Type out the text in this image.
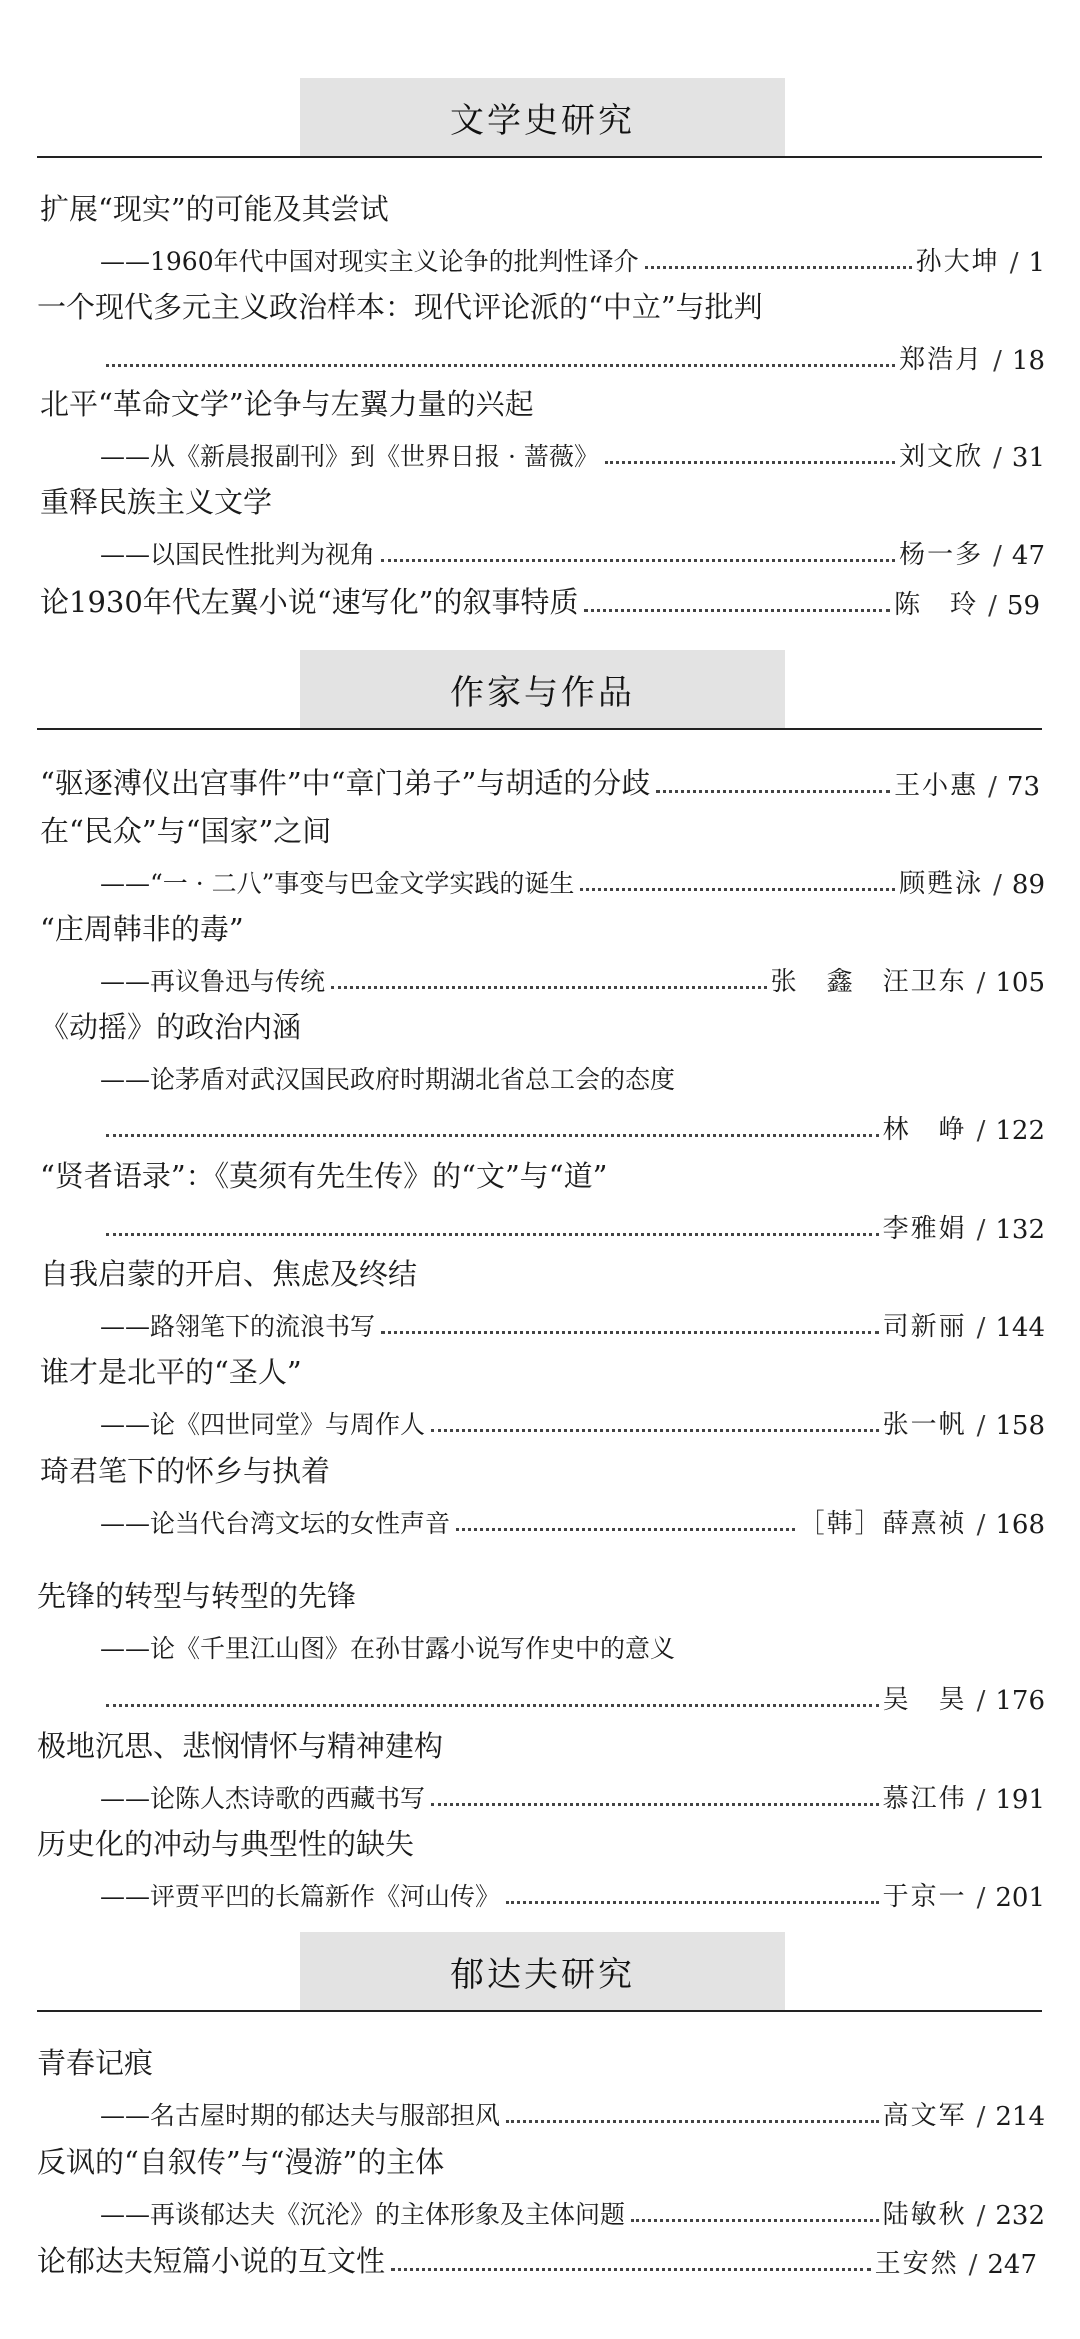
文学史研究
扩展“现实”的可能及其尝试
——1960年代中国对现实主义论争的批判性译介	孙大坤 / 1
一个现代多元主义政治样本：现代评论派的“中立”与批判
郑浩月 / 18
北平“革命文学”论争与左翼力量的兴起
——从《新晨报副刊》到《世界日报 · 蔷薇》	刘文欣 / 31
重释民族主义文学
——以国民性批判为视角	杨一多 / 47
论1930年代左翼小说“速写化”的叙事特质	陈　玲 / 59
作家与作品
“驱逐溥仪出宫事件”中“章门弟子”与胡适的分歧	王小惠 / 73
在“民众”与“国家”之间
——“一 · 二八”事变与巴金文学实践的诞生	顾甦泳 / 89
“庄周韩非的毒”
——再议鲁迅与传统	张　鑫　汪卫东 / 105
《动摇》的政治内涵
——论茅盾对武汉国民政府时期湖北省总工会的态度
林　峥 / 122
“贤者语录”：《莫须有先生传》的“文”与“道”
李雅娟 / 132
自我启蒙的开启、焦虑及终结
——路翎笔下的流浪书写	司新丽 / 144
谁才是北平的“圣人”
——论《四世同堂》与周作人	张一帆 / 158
琦君笔下的怀乡与执着
——论当代台湾文坛的女性声音	［韩］薛熹祯 / 168
先锋的转型与转型的先锋
——论《千里江山图》在孙甘露小说写作史中的意义
吴　昊 / 176
极地沉思、悲悯情怀与精神建构
——论陈人杰诗歌的西藏书写	慕江伟 / 191
历史化的冲动与典型性的缺失
——评贾平凹的长篇新作《河山传》	于京一 / 201
郁达夫研究
青春记痕
——名古屋时期的郁达夫与服部担风	高文军 / 214
反讽的“自叙传”与“漫游”的主体
——再谈郁达夫《沉沦》的主体形象及主体问题	陆敏秋 / 232
论郁达夫短篇小说的互文性	王安然 / 247
